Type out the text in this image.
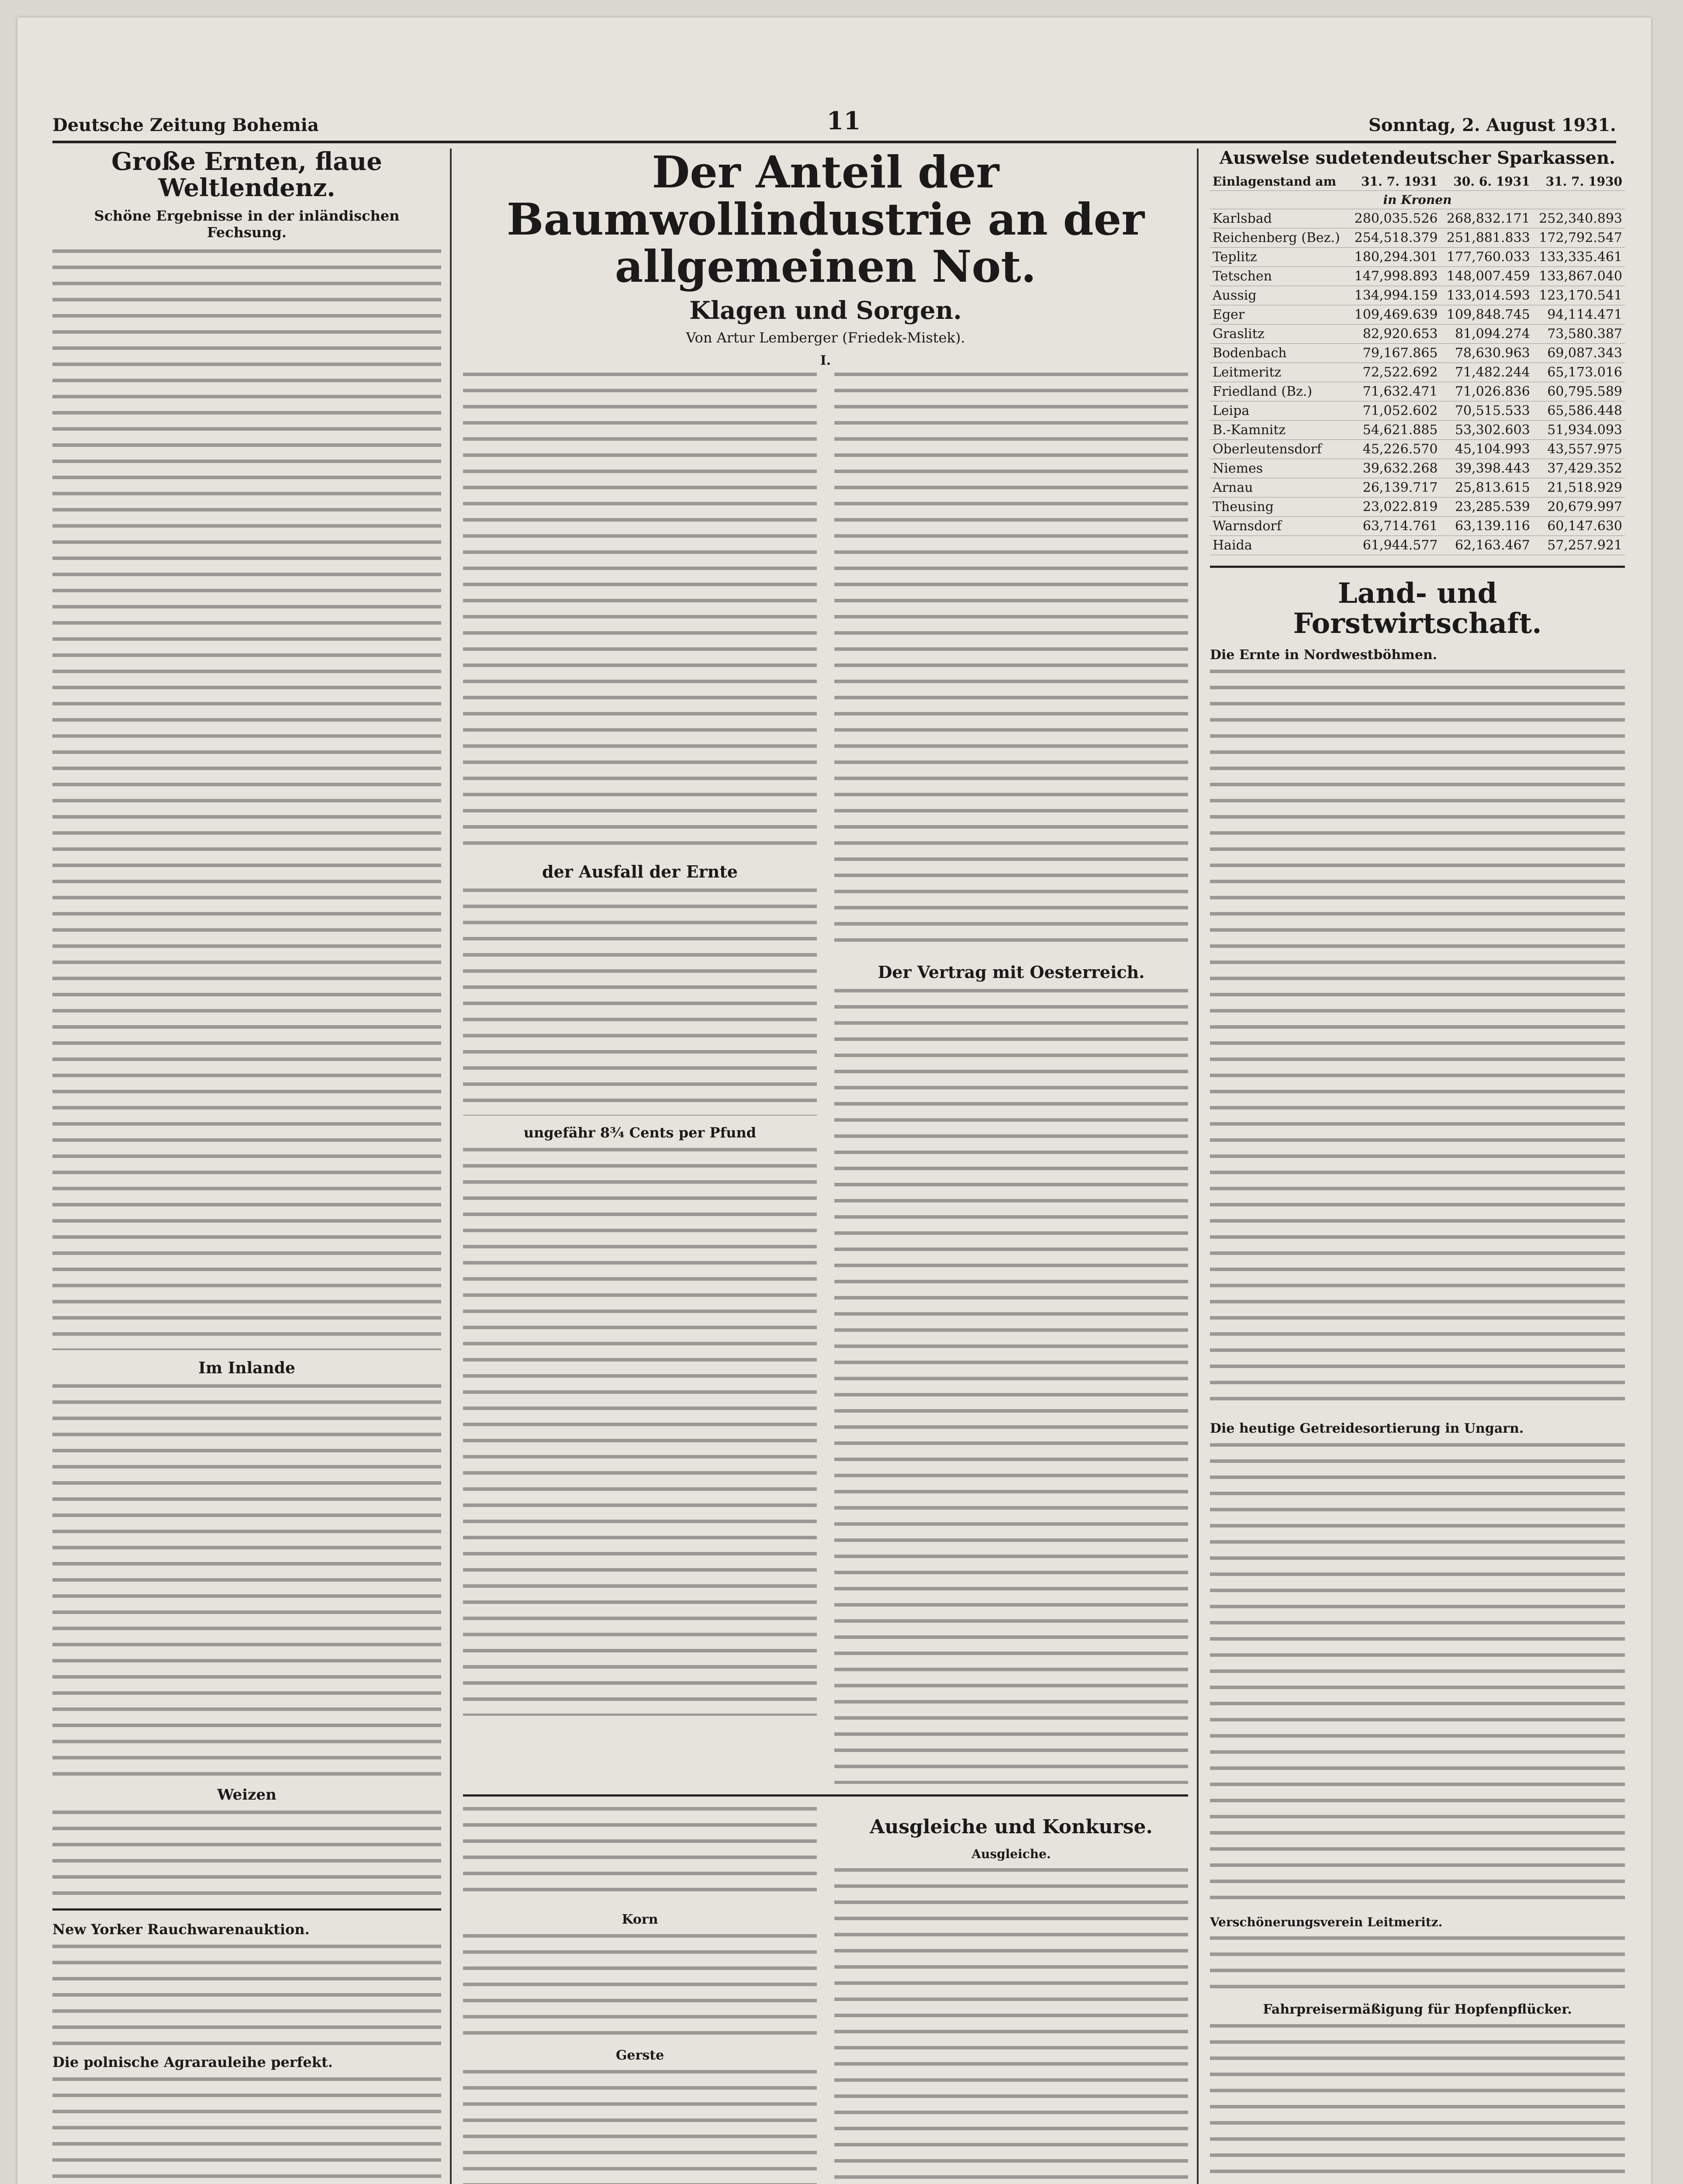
Deutsche Zeitung Bohemia	11	Sonntag, 2. August 1931.
Große Ernten, flaue Weltlendenz.
Schöne Ergebnisse in der inländischen Fechsung.
Im Inlande
Weizen
New Yorker Rauchwarenauktion.
Die polnische Agrarauleihe perfekt.
Der Anteil der Baumwollindustrie an der allgemeinen Not.
Klagen und Sorgen.
Von Artur Lemberger (Friedek-Mistek).
I.
der Ausfall der Ernte
ungefähr 8¾ Cents per Pfund
Der Vertrag mit Oesterreich.
Korn
Gerste
Ausgleiche und Konkurse.
Ausgleiche.
Auswelse sudetendeutscher Sparkassen.
Einlagenstand am	31. 7. 1931	30. 6. 1931	31. 7. 1930
in Kronen			
Karlsbad	280,035.526	268,832.171	252,340.893
Reichenberg (Bez.)	254,518.379	251,881.833	172,792.547
Teplitz	180,294.301	177,760.033	133,335.461
Tetschen	147,998.893	148,007.459	133,867.040
Aussig	134,994.159	133,014.593	123,170.541
Eger	109,469.639	109,848.745	94,114.471
Graslitz	82,920.653	81,094.274	73,580.387
Bodenbach	79,167.865	78,630.963	69,087.343
Leitmeritz	72,522.692	71,482.244	65,173.016
Friedland (Bz.)	71,632.471	71,026.836	60,795.589
Leipa	71,052.602	70,515.533	65,586.448
B.-Kamnitz	54,621.885	53,302.603	51,934.093
Oberleutensdorf	45,226.570	45,104.993	43,557.975
Niemes	39,632.268	39,398.443	37,429.352
Arnau	26,139.717	25,813.615	21,518.929
Theusing	23,022.819	23,285.539	20,679.997
Warnsdorf	63,714.761	63,139.116	60,147.630
Haida	61,944.577	62,163.467	57,257.921
Land- und Forstwirtschaft.
Die Ernte in Nordwestböhmen.
Die heutige Getreidesortierung in Ungarn.
Verschönerungsverein Leitmeritz.
Fahrpreisermäßigung für Hopfenpflücker.
